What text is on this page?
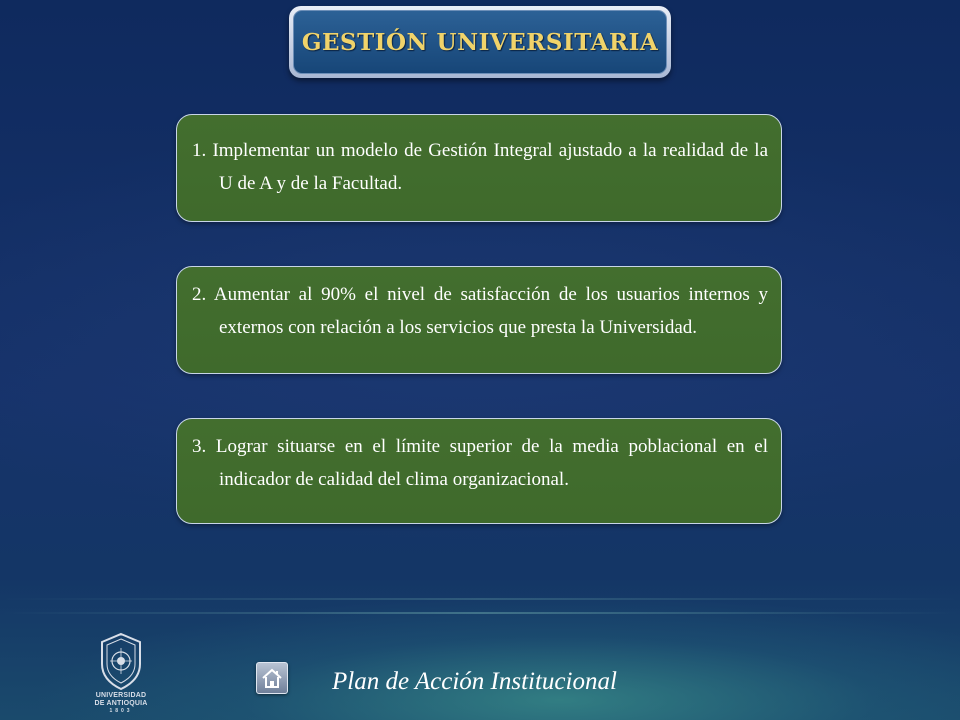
GESTIÓN UNIVERSITARIA

1. Implementar un modelo de Gestión Integral ajustado a la realidad de la U de A y de la Facultad.

2. Aumentar al 90% el nivel de satisfacción de los usuarios internos y externos con relación a los servicios que presta la Universidad.

3. Lograr situarse en el límite superior de la media poblacional en el indicador de calidad del clima organizacional.

UNIVERSIDAD
DE ANTIOQUIA
1803
Plan de Acción Institucional
